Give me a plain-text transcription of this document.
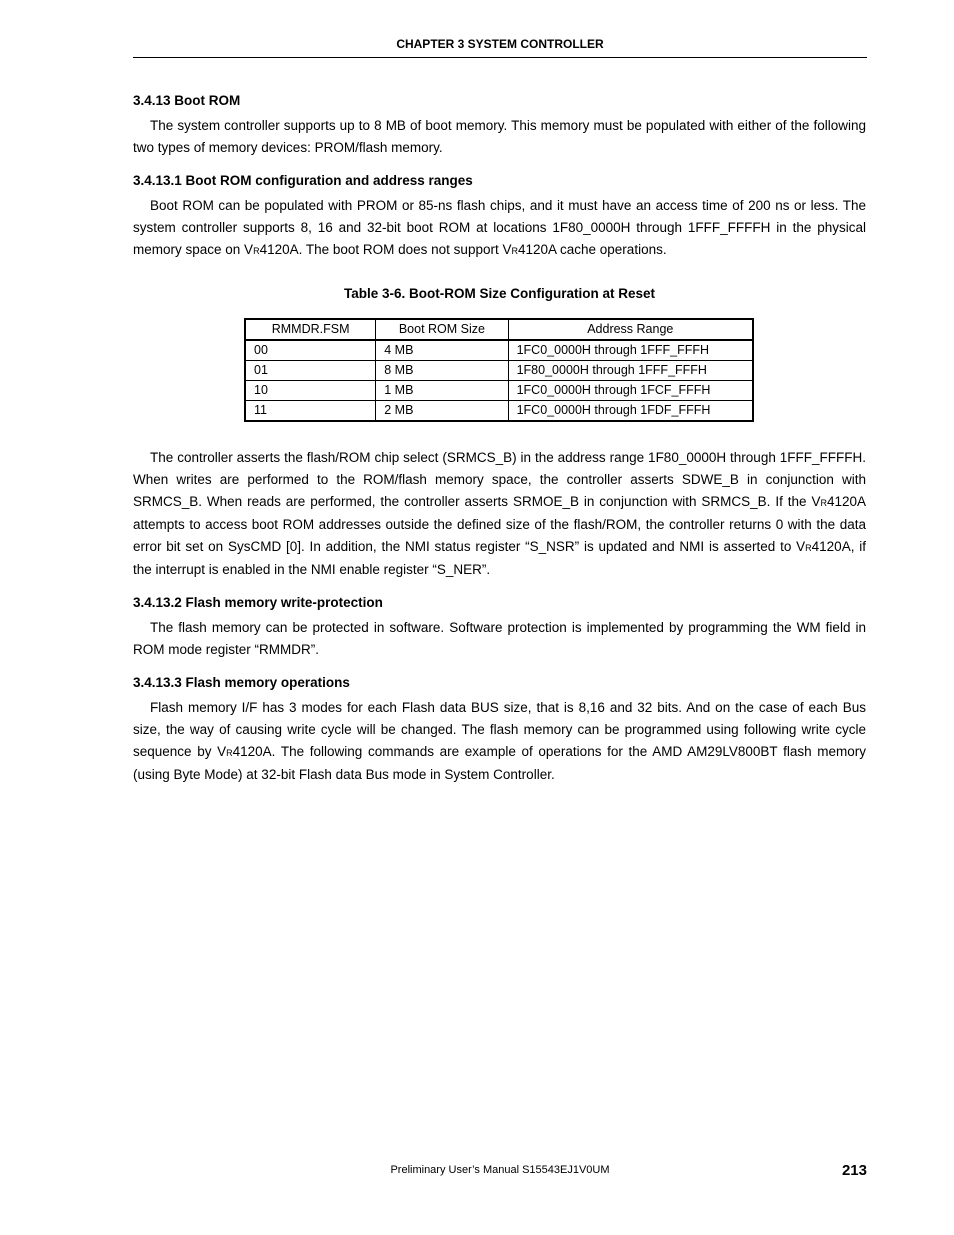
CHAPTER 3 SYSTEM CONTROLLER
3.4.13 Boot ROM

The system controller supports up to 8 MB of boot memory. This memory must be populated with either of the following two types of memory devices: PROM/flash memory.

3.4.13.1 Boot ROM configuration and address ranges

Boot ROM can be populated with PROM or 85-ns flash chips, and it must have an access time of 200 ns or less. The system controller supports 8, 16 and 32-bit boot ROM at locations 1F80_0000H through 1FFF_FFFFH in the physical memory space on VR4120A. The boot ROM does not support VR4120A cache operations.

Table 3-6. Boot-ROM Size Configuration at Reset
RMMDR.FSM	Boot ROM Size	Address Range
00	4 MB	1FC0_0000H through 1FFF_FFFH
01	8 MB	1F80_0000H through 1FFF_FFFH
10	1 MB	1FC0_0000H through 1FCF_FFFH
11	2 MB	1FC0_0000H through 1FDF_FFFH

The controller asserts the flash/ROM chip select (SRMCS_B) in the address range 1F80_0000H through 1FFF_FFFFH. When writes are performed to the ROM/flash memory space, the controller asserts SDWE_B in conjunction with SRMCS_B. When reads are performed, the controller asserts SRMOE_B in conjunction with SRMCS_B. If the VR4120A attempts to access boot ROM addresses outside the defined size of the flash/ROM, the controller returns 0 with the data error bit set on SysCMD [0]. In addition, the NMI status register “S_NSR” is updated and NMI is asserted to VR4120A, if the interrupt is enabled in the NMI enable register “S_NER”.

3.4.13.2 Flash memory write-protection

The flash memory can be protected in software. Software protection is implemented by programming the WM field in ROM mode register “RMMDR”.

3.4.13.3 Flash memory operations

Flash memory I/F has 3 modes for each Flash data BUS size, that is 8,16 and 32 bits. And on the case of each Bus size, the way of causing write cycle will be changed. The flash memory can be programmed using following write cycle sequence by VR4120A. The following commands are example of operations for the AMD AM29LV800BT flash memory (using Byte Mode) at 32-bit Flash data Bus mode in System Controller.

Preliminary User’s Manual S15543EJ1V0UM	213
